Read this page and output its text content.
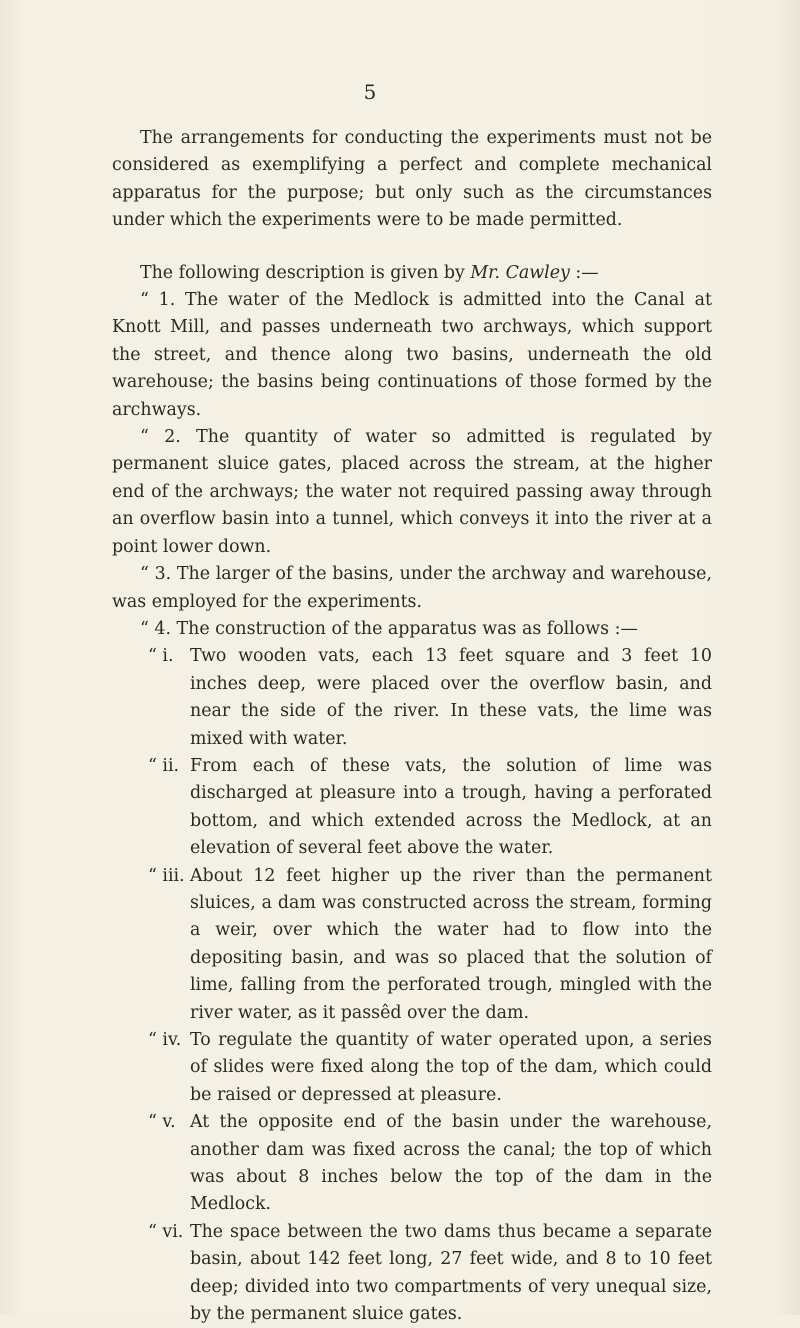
5

The arrangements for conducting the experiments must not be considered as exemplifying a perfect and complete mechanical apparatus for the purpose; but only such as the circumstances under which the experiments were to be made permitted.

The following description is given by Mr. Cawley :—

“ 1. The water of the Medlock is admitted into the Canal at Knott Mill, and passes underneath two archways, which support the street, and thence along two basins, underneath the old warehouse; the basins being continuations of those formed by the archways.

“ 2. The quantity of water so admitted is regulated by permanent sluice gates, placed across the stream, at the higher end of the archways; the water not required passing away through an overflow basin into a tunnel, which conveys it into the river at a point lower down.

“ 3. The larger of the basins, under the archway and warehouse, was employed for the experiments.

“ 4. The construction of the apparatus was as follows :—

“ i. Two wooden vats, each 13 feet square and 3 feet 10 inches deep, were placed over the overflow basin, and near the side of the river. In these vats, the lime was mixed with water.
“ ii. From each of these vats, the solution of lime was discharged at pleasure into a trough, having a perforated bottom, and which extended across the Medlock, at an elevation of several feet above the water.
“ iii. About 12 feet higher up the river than the permanent sluices, a dam was constructed across the stream, forming a weir, over which the water had to flow into the depositing basin, and was so placed that the solution of lime, falling from the perforated trough, mingled with the river water, as it passêd over the dam.
“ iv. To regulate the quantity of water operated upon, a series of slides were fixed along the top of the dam, which could be raised or depressed at pleasure.
“ v. At the opposite end of the basin under the warehouse, another dam was fixed across the canal; the top of which was about 8 inches below the top of the dam in the Medlock.
“ vi. The space between the two dams thus became a separate basin, about 142 feet long, 27 feet wide, and 8 to 10 feet deep; divided into two compartments of very unequal size, by the permanent sluice gates.
